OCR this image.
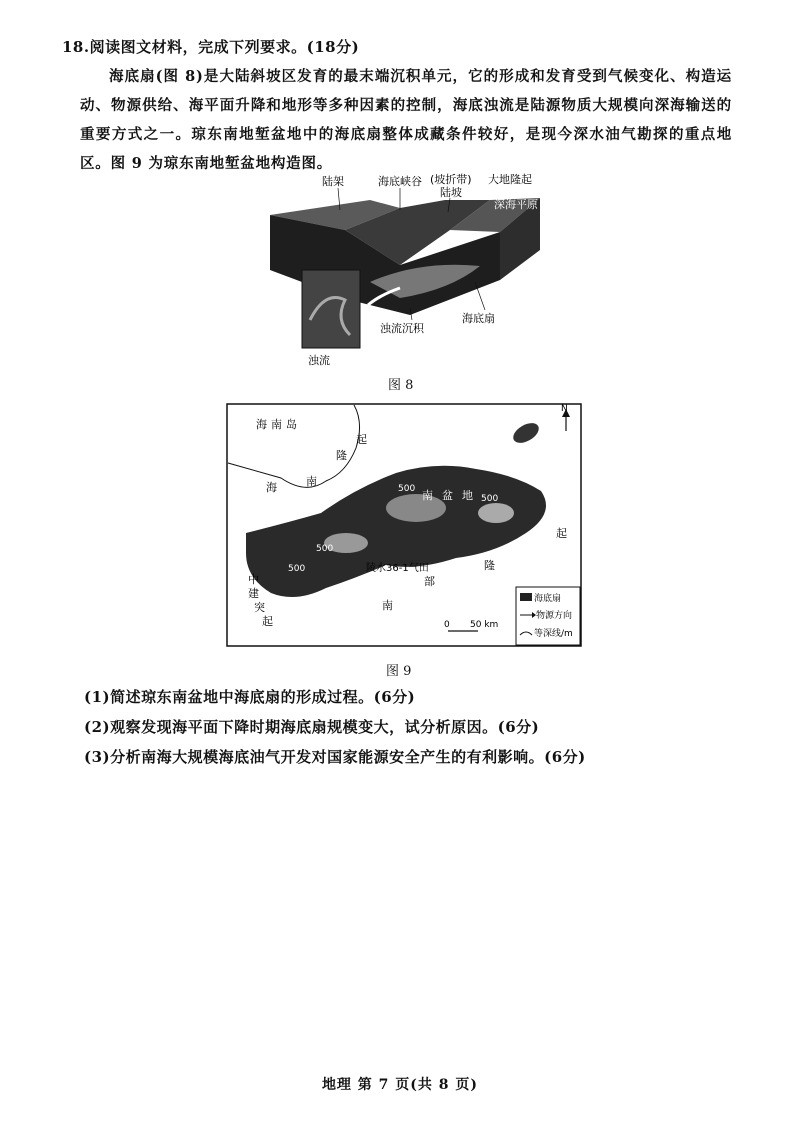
18.阅读图文材料，完成下列要求。(18分)

海底扇(图 8)是大陆斜坡区发育的最末端沉积单元，它的形成和发育受到气候变化、构造运动、物源供给、海平面升降和地形等多种因素的控制，海底浊流是陆源物质大规模向深海输送的重要方式之一。琼东南地堑盆地中的海底扇整体成藏条件较好，是现今深水油气勘探的重点地区。图 9 为琼东南地堑盆地构造图。

陆架	海底峡谷 (坡折带)
陆坡
大地隆起
深海平原
浊流沉积
海底扇
浊流
图 8
N
海南岛
起
隆
海	南
500
500
500
500
南 盆 地
陵水36-1气田
部
隆
起
南
中
建
突
起	0 50 km
海底扇
物源方向
等深线/m
图 9
(1)简述琼东南盆地中海底扇的形成过程。(6分)
(2)观察发现海平面下降时期海底扇规模变大，试分析原因。(6分)
(3)分析南海大规模海底油气开发对国家能源安全产生的有利影响。(6分)
地理 第 7 页(共 8 页)
